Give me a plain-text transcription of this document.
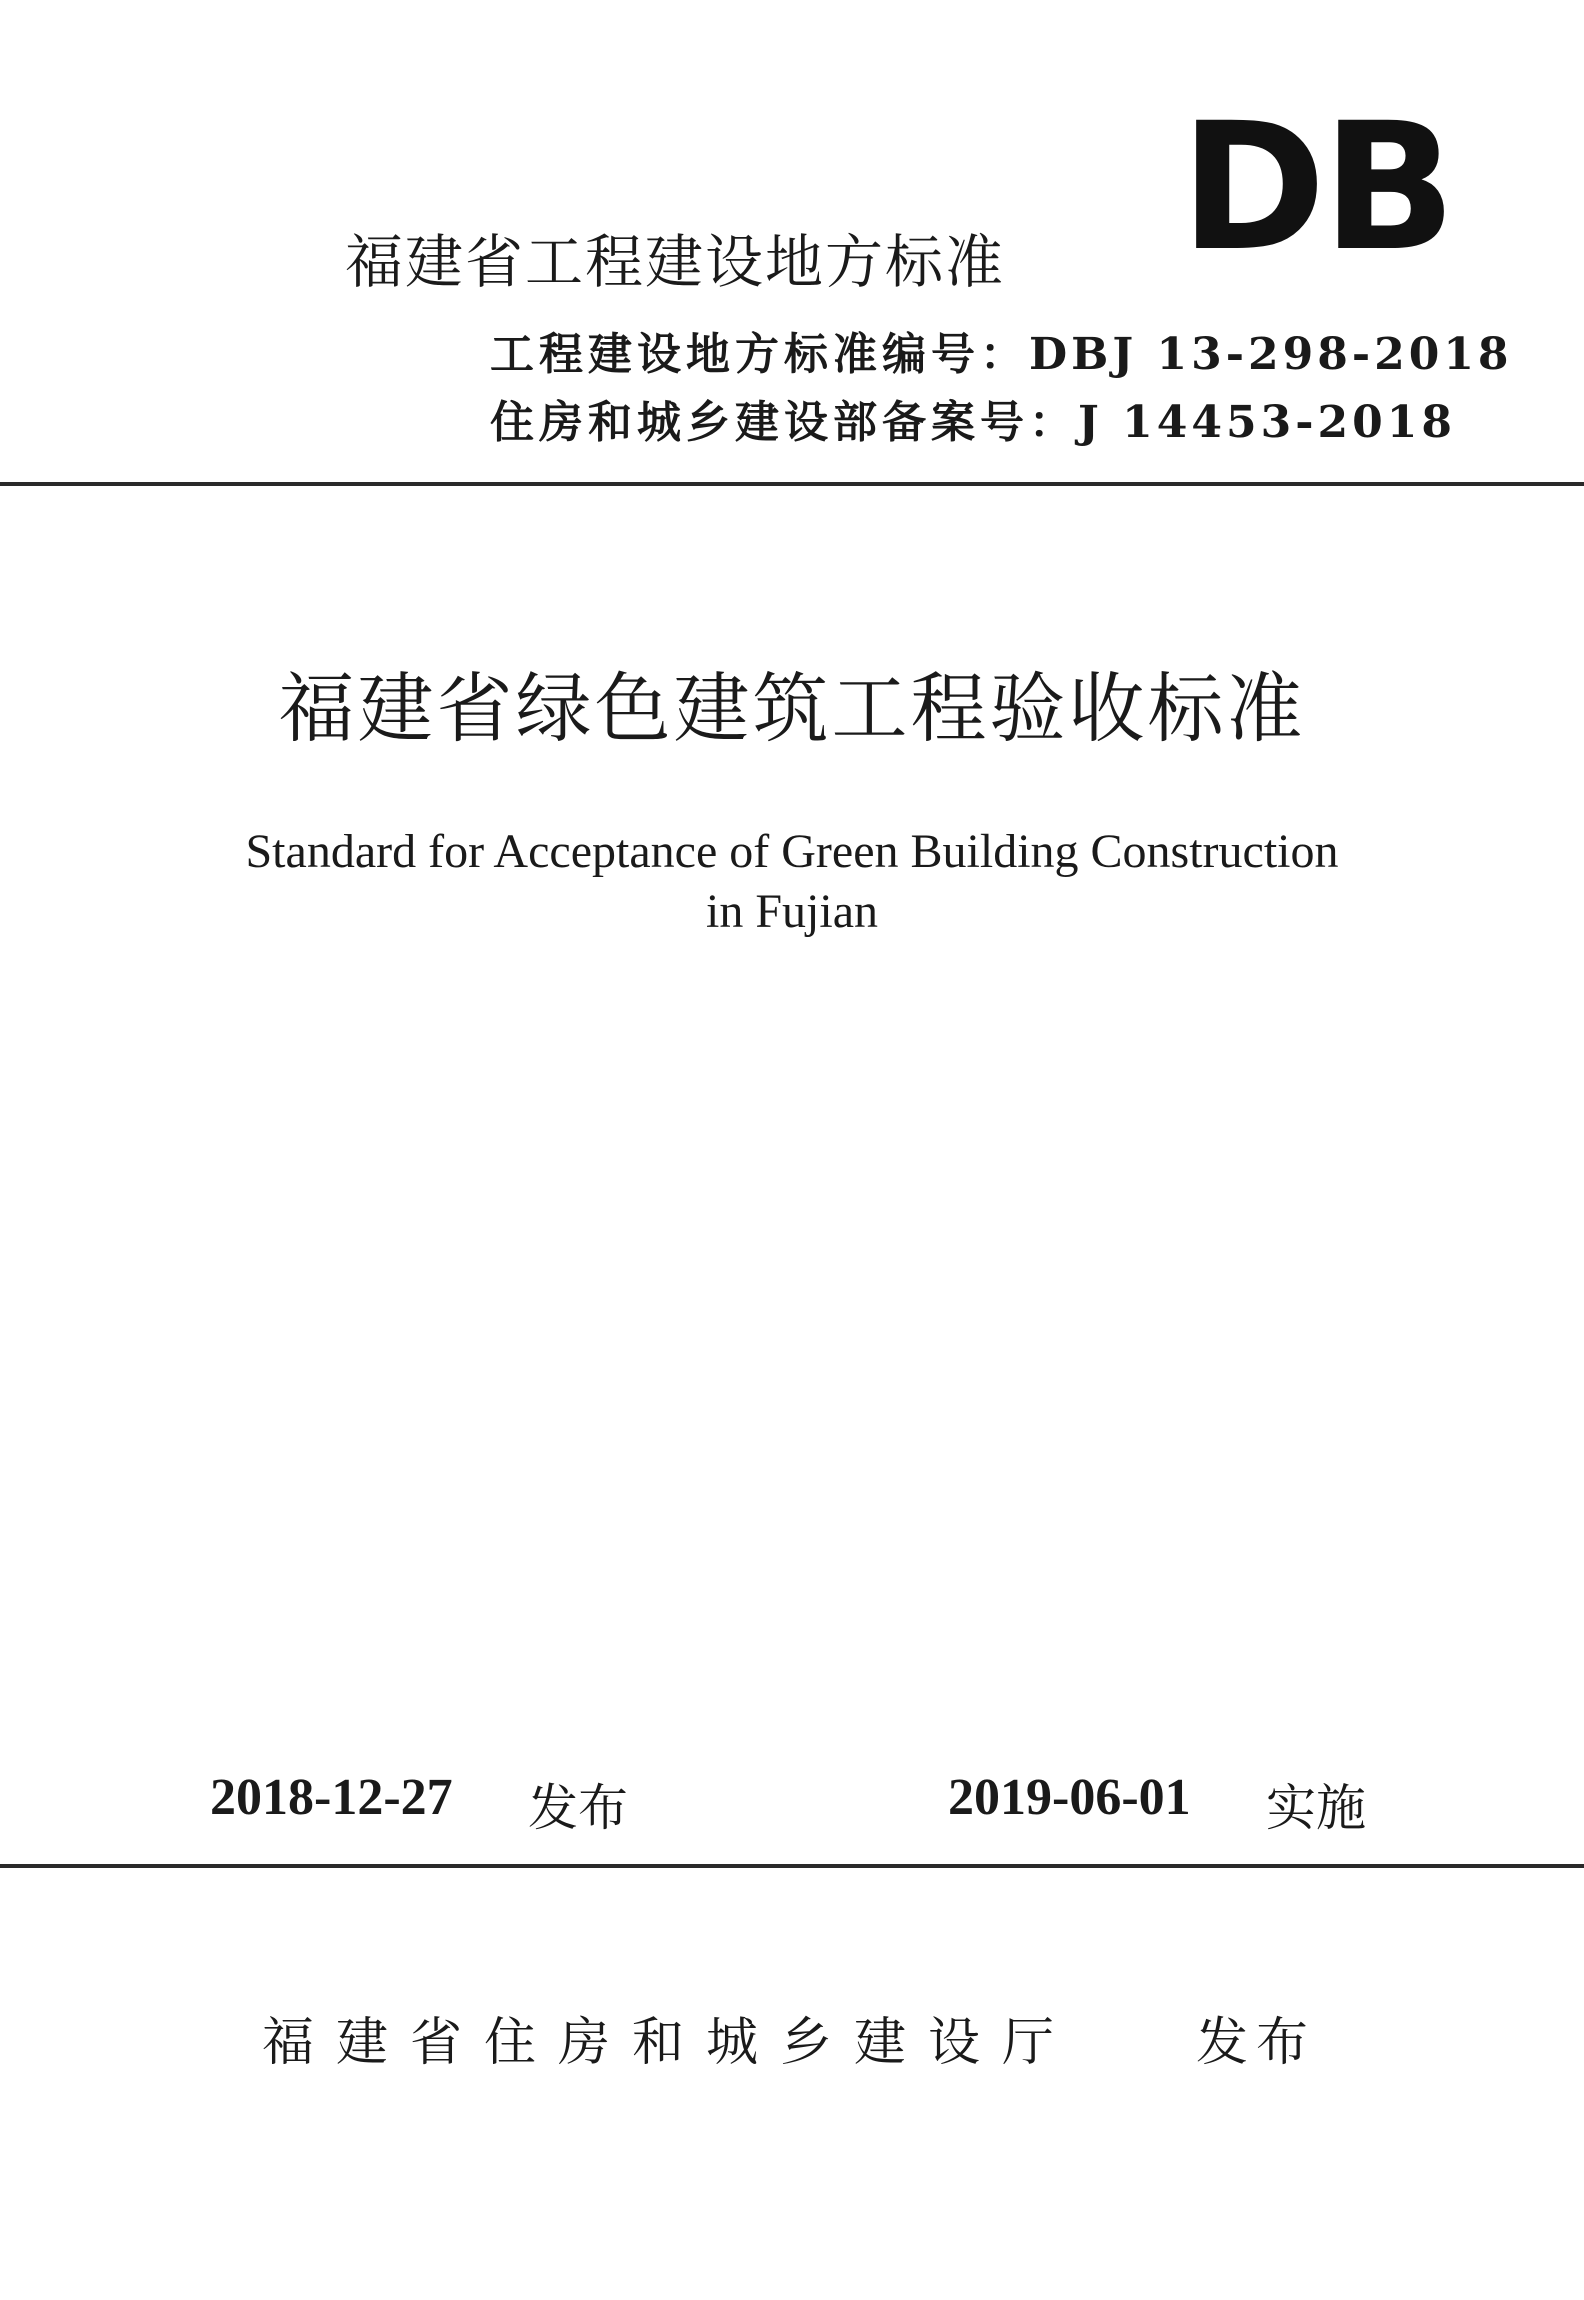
福建省工程建设地方标准 DB
工程建设地方标准编号：DBJ 13-298-2018
住房和城乡建设部备案号：J 14453-2018
福建省绿色建筑工程验收标准
Standard for Acceptance of Green Building Construction
in Fujian
2018-12-27 发布	2019-06-01 实施
福建省住房和城乡建设厅 发布
